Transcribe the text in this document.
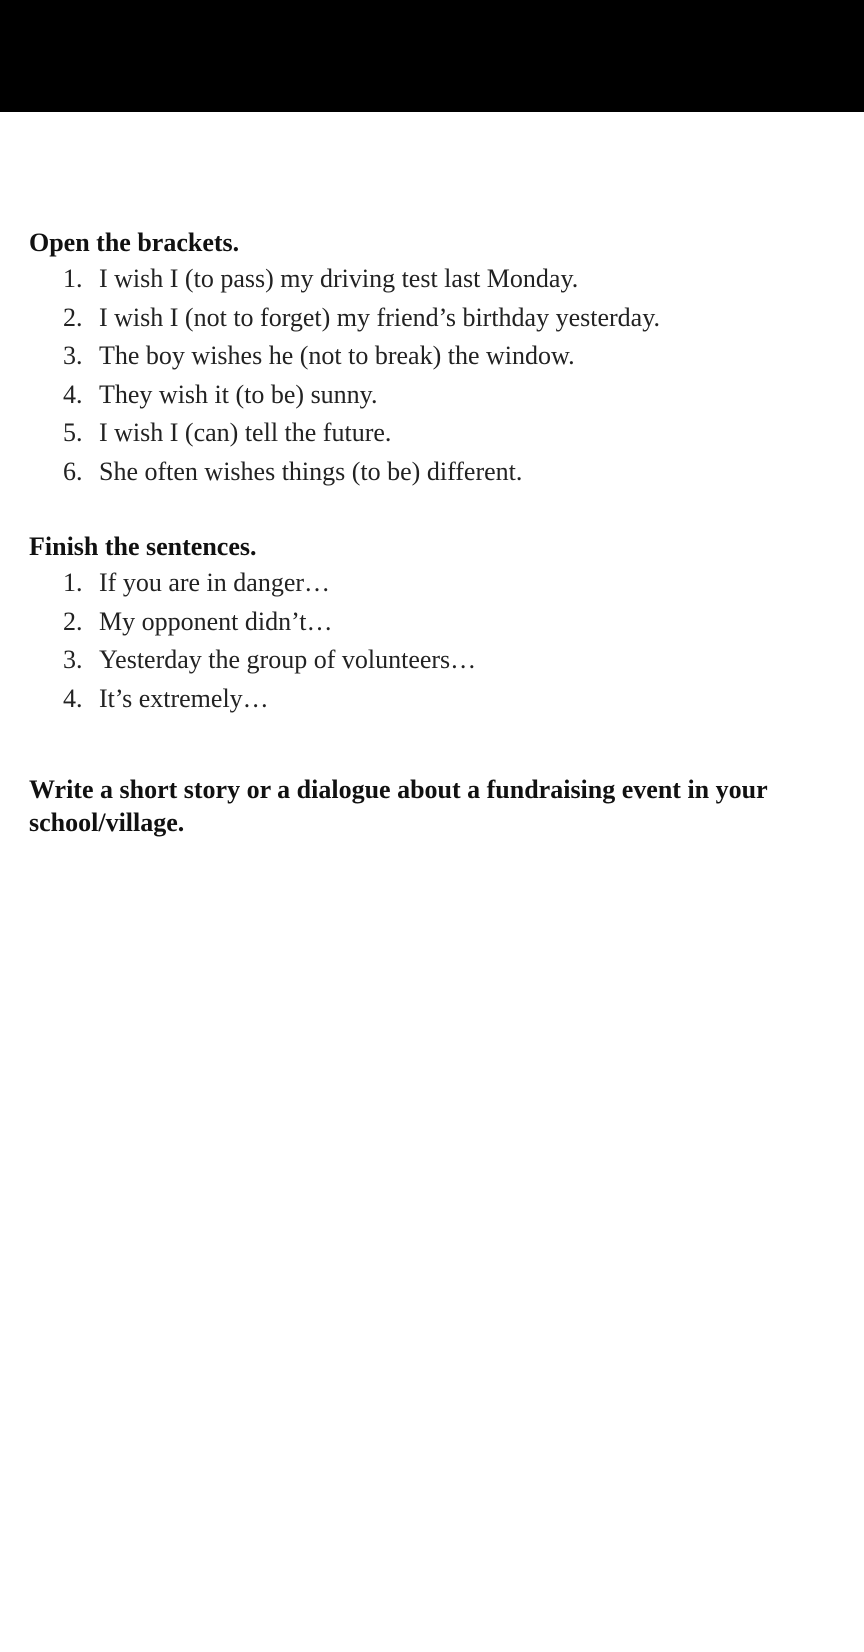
Open the brackets.

1. I wish I (to pass) my driving test last Monday.
2. I wish I (not to forget) my friend’s birthday yesterday.
3. The boy wishes he (not to break) the window.
4. They wish it (to be) sunny.
5. I wish I (can) tell the future.
6. She often wishes things (to be) different.

Finish the sentences.

1. If you are in danger…
2. My opponent didn’t…
3. Yesterday the group of volunteers…
4. It’s extremely…

Write a short story or a dialogue about a fundraising event in your school/village.
